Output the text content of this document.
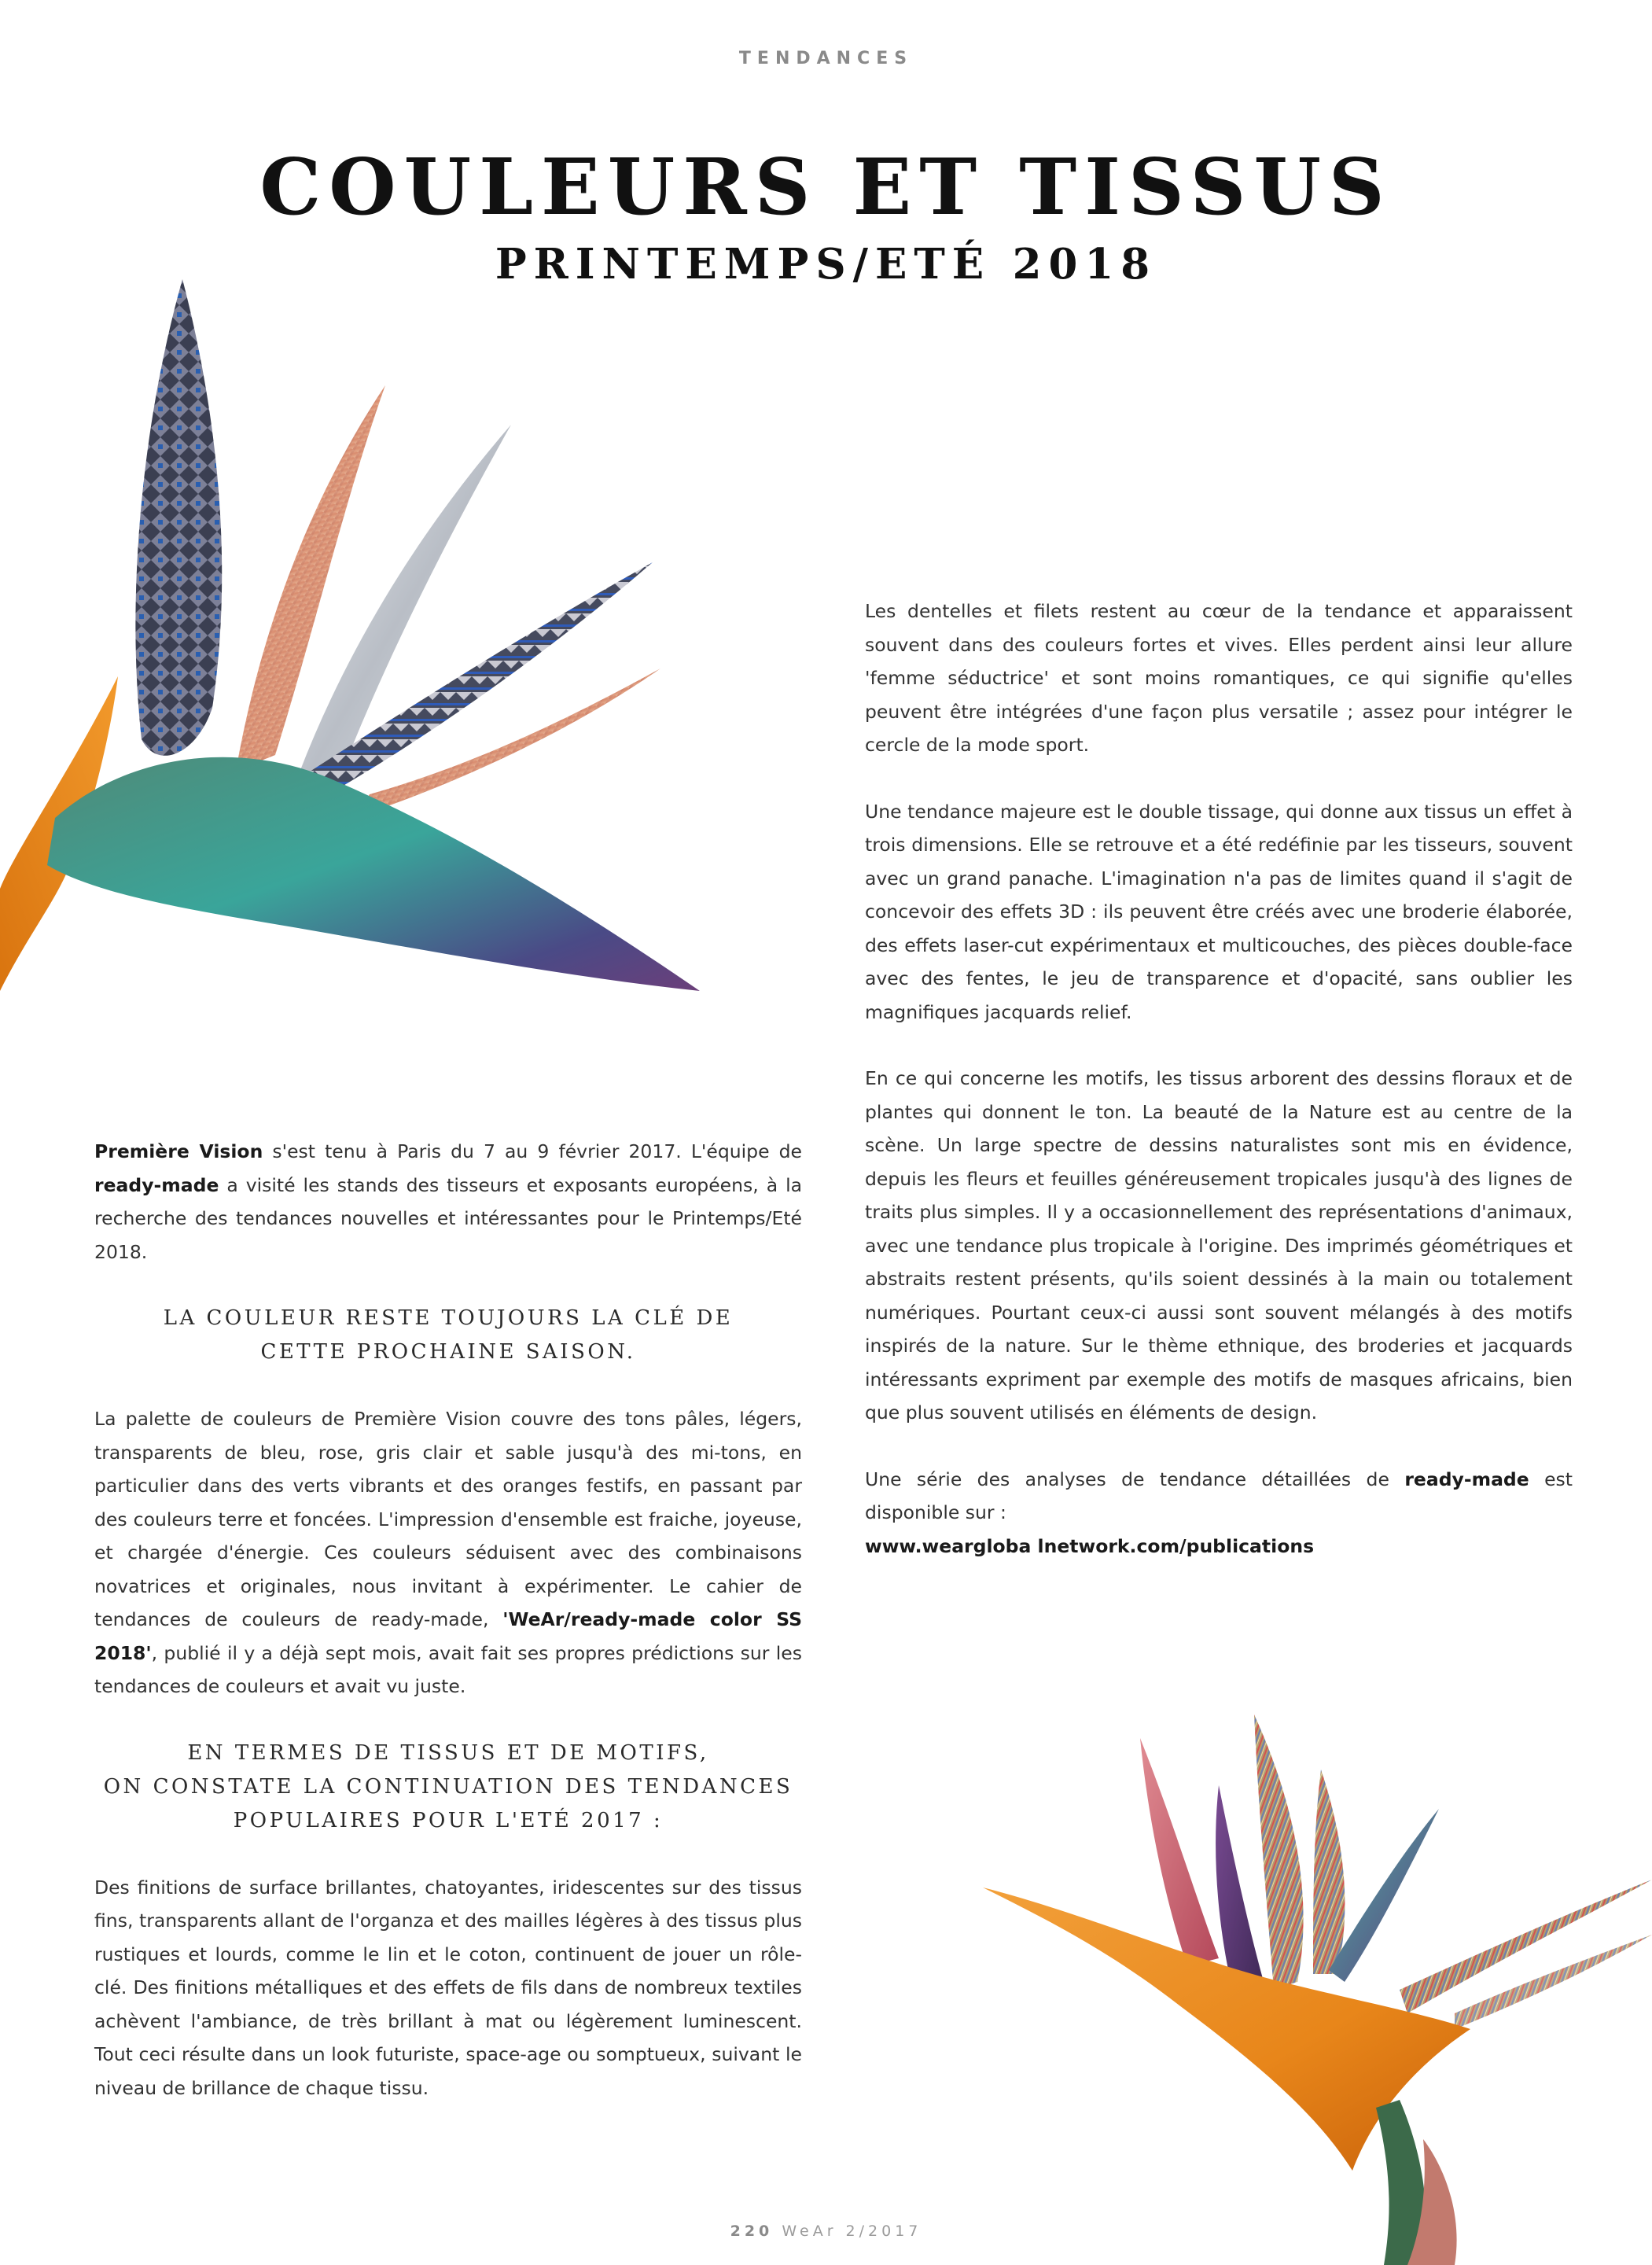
TENDANCES
COULEURS ET TISSUS
PRINTEMPS/ETÉ 2018

Première Vision s'est tenu à Paris du 7 au 9 février 2017. L'équipe de ready-made a visité les stands des tisseurs et exposants européens, à la recherche des tendances nouvelles et intéressantes pour le Printemps/Eté 2018.

LA COULEUR RESTE TOUJOURS LA CLÉ DE
CETTE PROCHAINE SAISON.

La palette de couleurs de Première Vision couvre des tons pâles, légers, transparents de bleu, rose, gris clair et sable jusqu'à des mi-tons, en particulier dans des verts vibrants et des oranges festifs, en passant par des couleurs terre et foncées. L'impression d'ensemble est fraiche, joyeuse, et chargée d'énergie. Ces couleurs séduisent avec des combinaisons novatrices et originales, nous invitant à expérimenter. Le cahier de tendances de couleurs de ready-made, 'WeAr/ready-made color SS 2018', publié il y a déjà sept mois, avait fait ses propres prédictions sur les tendances de couleurs et avait vu juste.

EN TERMES DE TISSUS ET DE MOTIFS,
ON CONSTATE LA CONTINUATION DES TENDANCES
POPULAIRES POUR L'ETÉ 2017 :

Des finitions de surface brillantes, chatoyantes, iridescentes sur des tissus fins, transparents allant de l'organza et des mailles légères à des tissus plus rustiques et lourds, comme le lin et le coton, continuent de jouer un rôle-clé. Des finitions métalliques et des effets de fils dans de nombreux textiles achèvent l'ambiance, de très brillant à mat ou légèrement luminescent. Tout ceci résulte dans un look futuriste, space-age ou somptueux, suivant le niveau de brillance de chaque tissu.

Les dentelles et filets restent au cœur de la tendance et apparaissent souvent dans des couleurs fortes et vives. Elles perdent ainsi leur allure 'femme séductrice' et sont moins romantiques, ce qui signifie qu'elles peuvent être intégrées d'une façon plus versatile ; assez pour intégrer le cercle de la mode sport.

Une tendance majeure est le double tissage, qui donne aux tissus un effet à trois dimensions. Elle se retrouve et a été redéfinie par les tisseurs, souvent avec un grand panache. L'imagination n'a pas de limites quand il s'agit de concevoir des effets 3D : ils peuvent être créés avec une broderie élaborée, des effets laser-cut expérimentaux et multicouches, des pièces double-face avec des fentes, le jeu de transparence et d'opacité, sans oublier les magnifiques jacquards relief.

En ce qui concerne les motifs, les tissus arborent des dessins floraux et de plantes qui donnent le ton. La beauté de la Nature est au centre de la scène. Un large spectre de dessins naturalistes sont mis en évidence, depuis les fleurs et feuilles généreusement tropicales jusqu'à des lignes de traits plus simples. Il y a occasionnellement des représentations d'animaux, avec une tendance plus tropicale à l'origine. Des imprimés géométriques et abstraits restent présents, qu'ils soient dessinés à la main ou totalement numériques. Pourtant ceux-ci aussi sont souvent mélangés à des motifs inspirés de la nature. Sur le thème ethnique, des broderies et jacquards intéressants expriment par exemple des motifs de masques africains, bien que plus souvent utilisés en éléments de design.

Une série des analyses de tendance détaillées de ready-made est disponible sur :

www.weargloba lnetwork.com/publications

220 WeAr 2/2017
